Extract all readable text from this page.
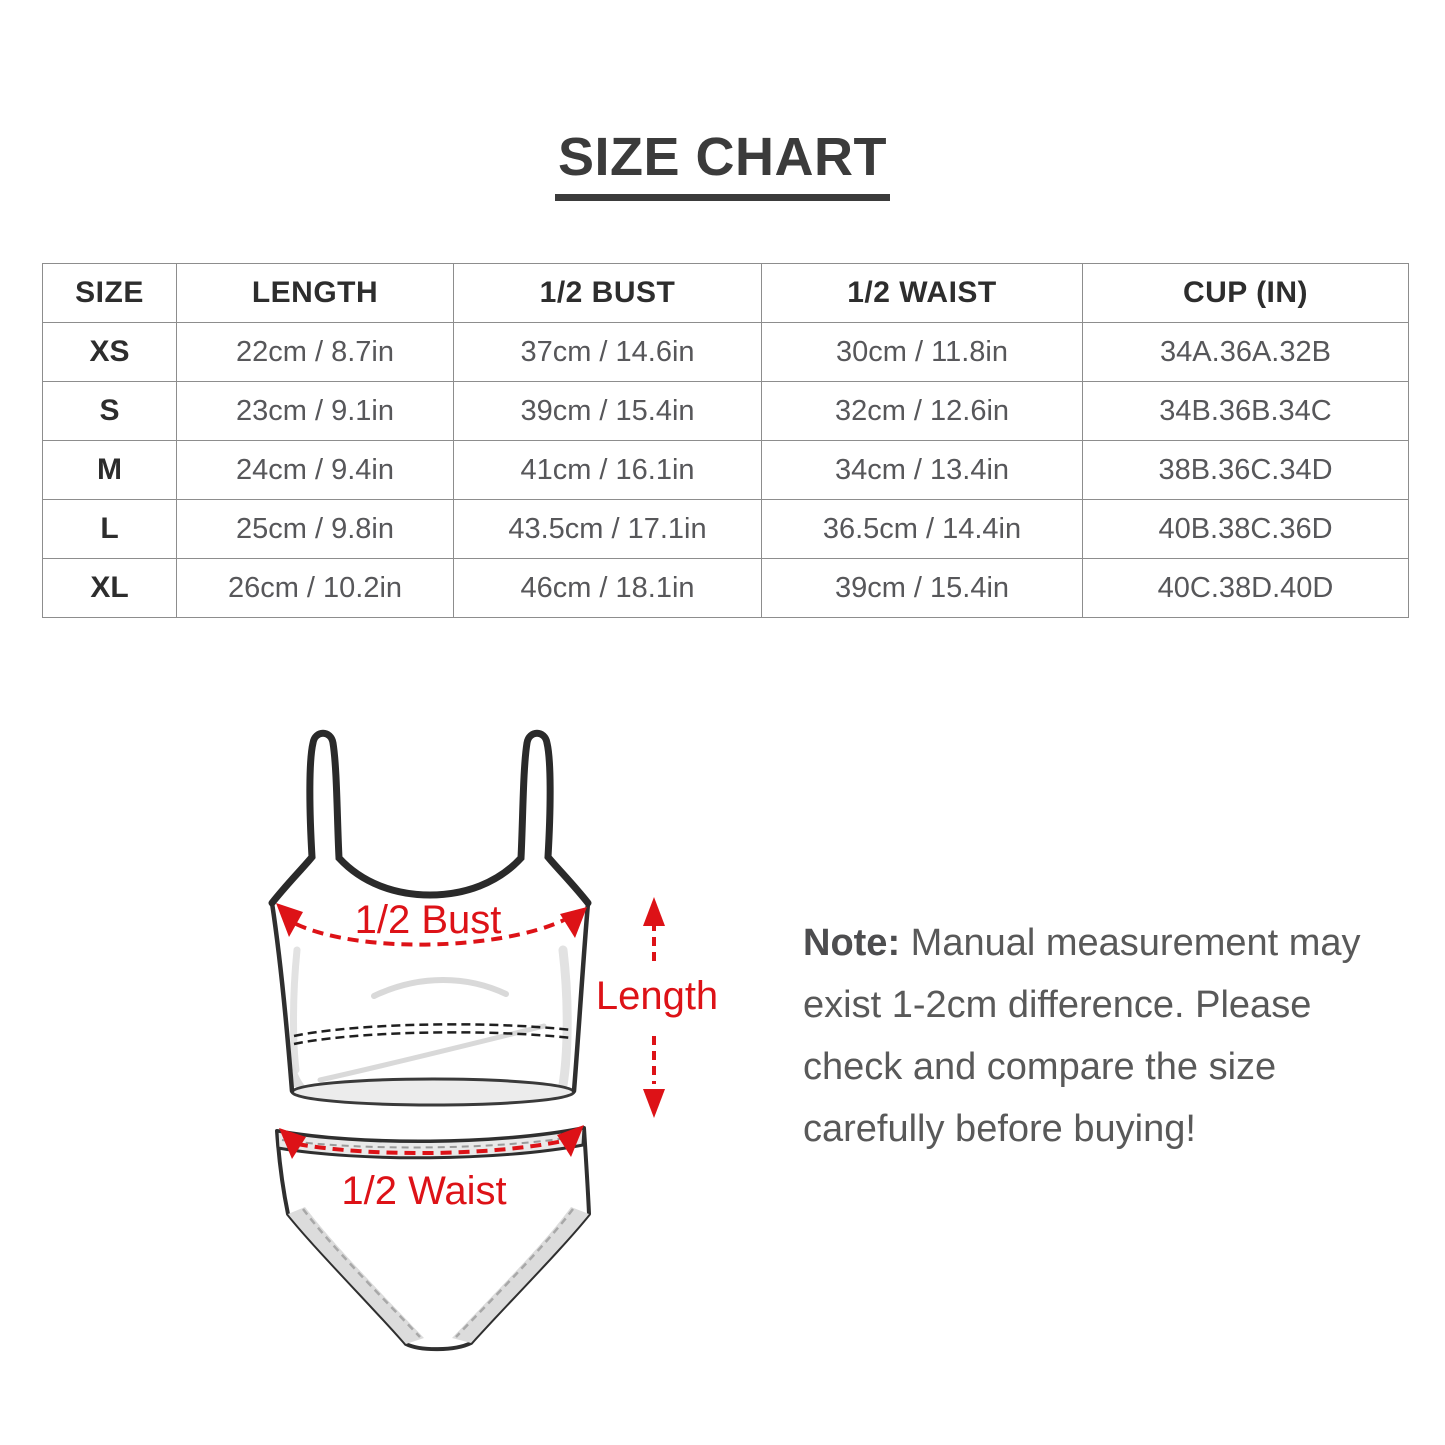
SIZE CHART
SIZE	LENGTH	1/2 BUST	1/2 WAIST	CUP (IN)
XS	22cm / 8.7in	37cm / 14.6in	30cm / 11.8in	34A.36A.32B
S	23cm / 9.1in	39cm / 15.4in	32cm / 12.6in	34B.36B.34C
M	24cm / 9.4in	41cm / 16.1in	34cm / 13.4in	38B.36C.34D
L	25cm / 9.8in	43.5cm / 17.1in	36.5cm / 14.4in	40B.38C.36D
XL	26cm / 10.2in	46cm / 18.1in	39cm / 15.4in	40C.38D.40D
1/2 Bust
Length
1/2 Waist
Note: Manual measurement may exist 1-2cm difference. Please check and compare the size carefully before buying!
